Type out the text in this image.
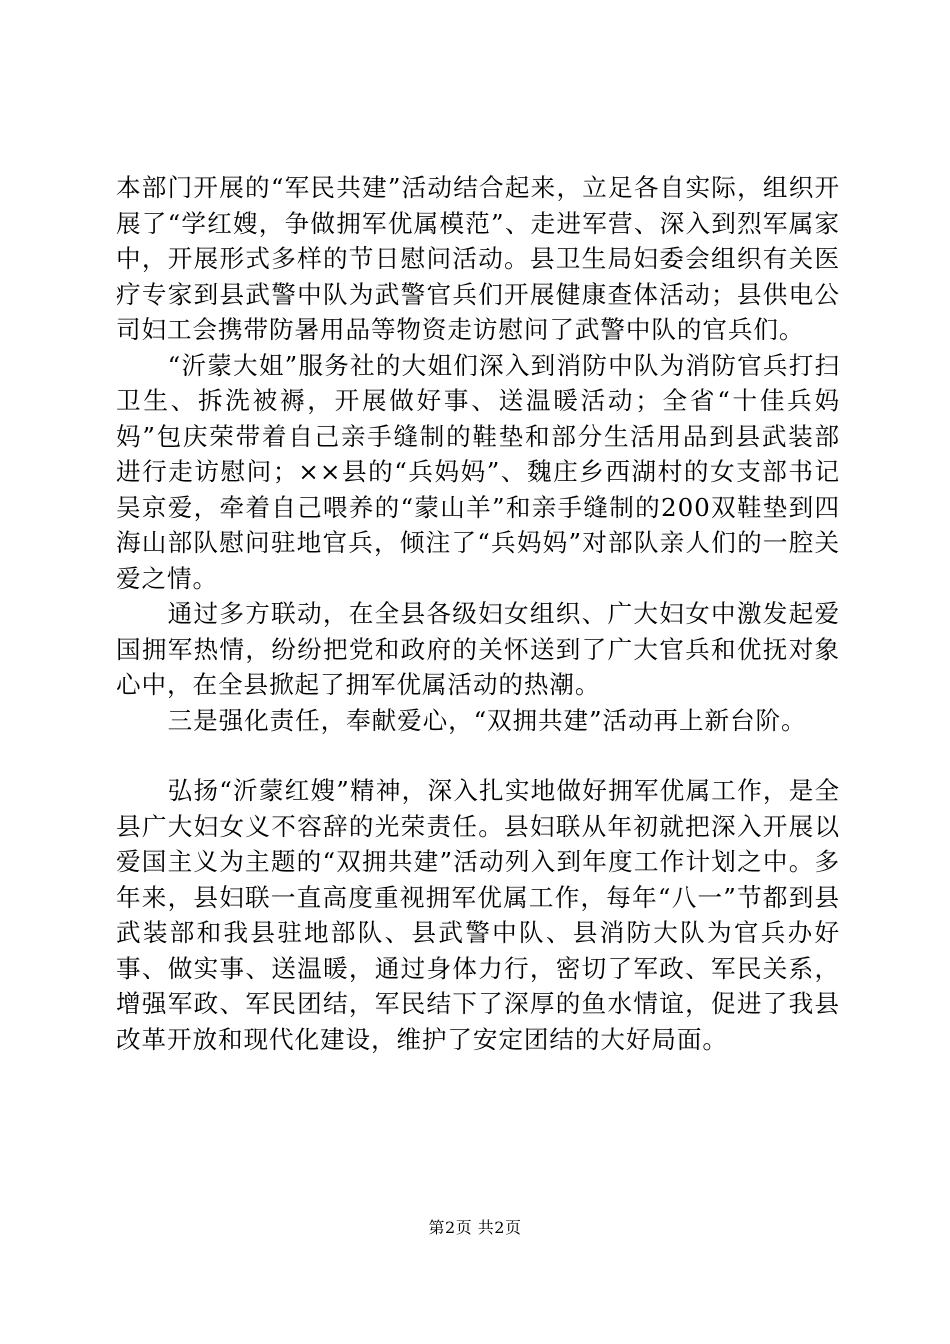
本部门开展的“军民共建”活动结合起来，立足各自实际，组织开展了“学红嫂，争做拥军优属模范”、走进军营、深入到烈军属家中，开展形式多样的节日慰问活动。县卫生局妇委会组织有关医疗专家到县武警中队为武警官兵们开展健康查体活动；县供电公司妇工会携带防暑用品等物资走访慰问了武警中队的官兵们。

“沂蒙大姐”服务社的大姐们深入到消防中队为消防官兵打扫卫生、拆洗被褥，开展做好事、送温暖活动；全省“十佳兵妈妈”包庆荣带着自己亲手缝制的鞋垫和部分生活用品到县武装部进行走访慰问；××县的“兵妈妈”、魏庄乡西湖村的女支部书记吴京爱，牵着自己喂养的“蒙山羊”和亲手缝制的200双鞋垫到四海山部队慰问驻地官兵，倾注了“兵妈妈”对部队亲人们的一腔关爱之情。

通过多方联动，在全县各级妇女组织、广大妇女中激发起爱国拥军热情，纷纷把党和政府的关怀送到了广大官兵和优抚对象心中，在全县掀起了拥军优属活动的热潮。

三是强化责任，奉献爱心，“双拥共建”活动再上新台阶。

弘扬“沂蒙红嫂”精神，深入扎实地做好拥军优属工作，是全县广大妇女义不容辞的光荣责任。县妇联从年初就把深入开展以爱国主义为主题的“双拥共建”活动列入到年度工作计划之中。多年来，县妇联一直高度重视拥军优属工作，每年“八一”节都到县武装部和我县驻地部队、县武警中队、县消防大队为官兵办好事、做实事、送温暖，通过身体力行，密切了军政、军民关系，增强军政、军民团结，军民结下了深厚的鱼水情谊，促进了我县改革开放和现代化建设，维护了安定团结的大好局面。

第2页 共2页
